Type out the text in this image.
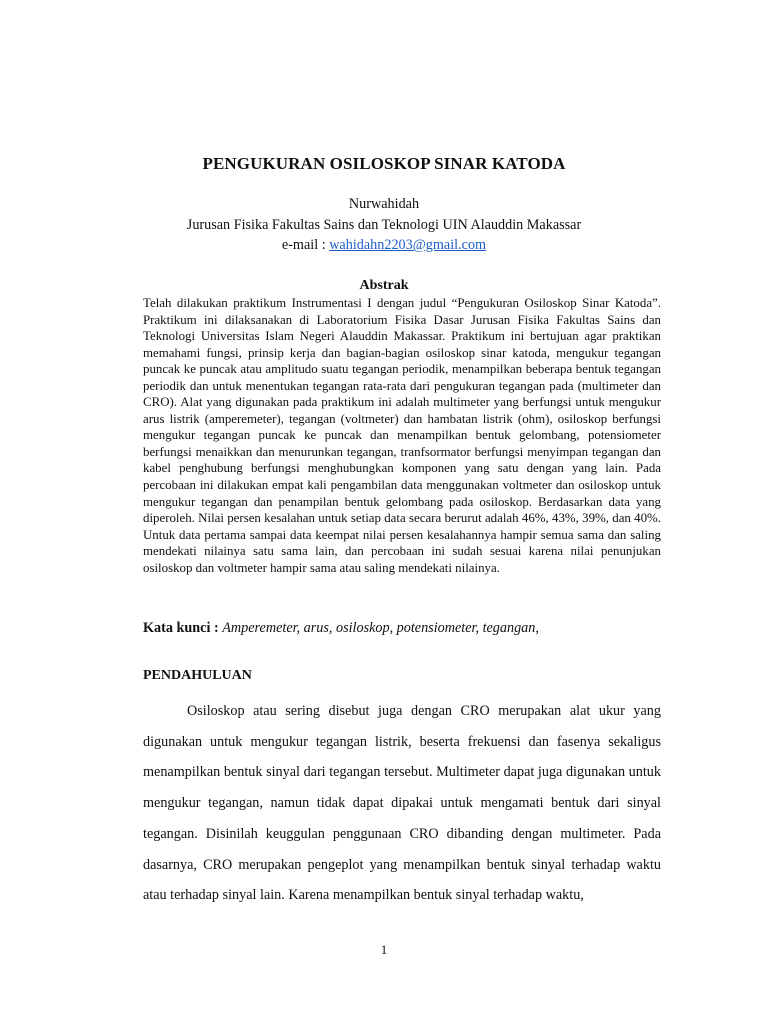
PENGUKURAN OSILOSKOP SINAR KATODA
Nurwahidah
Jurusan Fisika Fakultas Sains dan Teknologi UIN Alauddin Makassar
e-mail : wahidahn2203@gmail.com
Abstrak

Telah dilakukan praktikum Instrumentasi I dengan judul “Pengukuran Osiloskop Sinar Katoda”. Praktikum ini dilaksanakan di Laboratorium Fisika Dasar Jurusan Fisika Fakultas Sains dan Teknologi Universitas Islam Negeri Alauddin Makassar. Praktikum ini bertujuan agar praktikan memahami fungsi, prinsip kerja dan bagian-bagian osiloskop sinar katoda, mengukur tegangan puncak ke puncak atau amplitudo suatu tegangan periodik, menampilkan beberapa bentuk tegangan periodik dan untuk menentukan tegangan rata-rata dari pengukuran tegangan pada (multimeter dan CRO). Alat yang digunakan pada praktikum ini adalah multimeter yang berfungsi untuk mengukur arus listrik (amperemeter), tegangan (voltmeter) dan hambatan listrik (ohm), osiloskop berfungsi mengukur tegangan puncak ke puncak dan menampilkan bentuk gelombang, potensiometer berfungsi menaikkan dan menurunkan tegangan, tranfsormator berfungsi menyimpan tegangan dan kabel penghubung berfungsi menghubungkan komponen yang satu dengan yang lain. Pada percobaan ini dilakukan empat kali pengambilan data menggunakan voltmeter dan osiloskop untuk mengukur tegangan dan penampilan bentuk gelombang pada osiloskop. Berdasarkan data yang diperoleh. Nilai persen kesalahan untuk setiap data secara berurut adalah 46%, 43%, 39%, dan 40%. Untuk data pertama sampai data keempat nilai persen kesalahannya hampir semua sama dan saling mendekati nilainya satu sama lain, dan percobaan ini sudah sesuai karena nilai penunjukan osiloskop dan voltmeter hampir sama atau saling mendekati nilainya.

Kata kunci : Amperemeter, arus, osiloskop, potensiometer, tegangan,

PENDAHULUAN

Osiloskop atau sering disebut juga dengan CRO merupakan alat ukur yang digunakan untuk mengukur tegangan listrik, beserta frekuensi dan fasenya sekaligus menampilkan bentuk sinyal dari tegangan tersebut. Multimeter dapat juga digunakan untuk mengukur tegangan, namun tidak dapat dipakai untuk mengamati bentuk dari sinyal tegangan. Disinilah keuggulan penggunaan CRO dibanding dengan multimeter. Pada dasarnya, CRO merupakan pengeplot yang menampilkan bentuk sinyal terhadap waktu atau terhadap sinyal lain. Karena menampilkan bentuk sinyal terhadap waktu,

1
